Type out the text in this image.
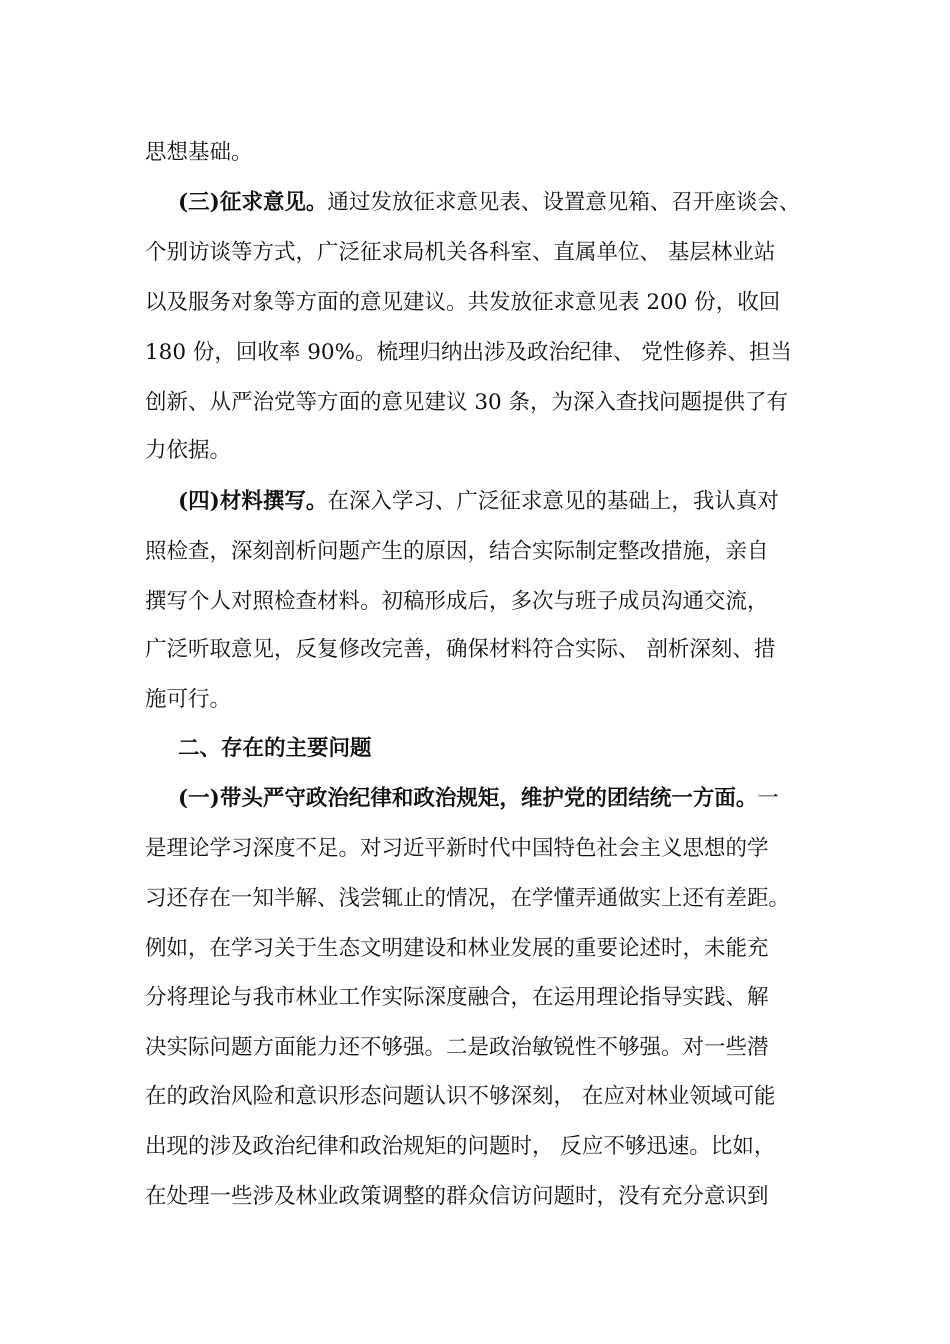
思想基础。
(三)征求意见。通过发放征求意见表、设置意见箱、召开座谈会、
个别访谈等方式，广泛征求局机关各科室、直属单位、 基层林业站
以及服务对象等方面的意见建议。共发放征求意见表 200 份，收回
180 份，回收率 90%。梳理归纳出涉及政治纪律、 党性修养、担当
创新、从严治党等方面的意见建议 30 条，为深入查找问题提供了有
力依据。
(四)材料撰写。在深入学习、广泛征求意见的基础上，我认真对
照检查，深刻剖析问题产生的原因，结合实际制定整改措施，亲自
撰写个人对照检查材料。初稿形成后，多次与班子成员沟通交流，
广泛听取意见，反复修改完善，确保材料符合实际、 剖析深刻、措
施可行。
二、存在的主要问题
(一)带头严守政治纪律和政治规矩，维护党的团结统一方面。一
是理论学习深度不足。对习近平新时代中国特色社会主义思想的学
习还存在一知半解、浅尝辄止的情况，在学懂弄通做实上还有差距。
例如，在学习关于生态文明建设和林业发展的重要论述时，未能充
分将理论与我市林业工作实际深度融合，在运用理论指导实践、解
决实际问题方面能力还不够强。二是政治敏锐性不够强。对一些潜
在的政治风险和意识形态问题认识不够深刻， 在应对林业领域可能
出现的涉及政治纪律和政治规矩的问题时， 反应不够迅速。比如，
在处理一些涉及林业政策调整的群众信访问题时，没有充分意识到
